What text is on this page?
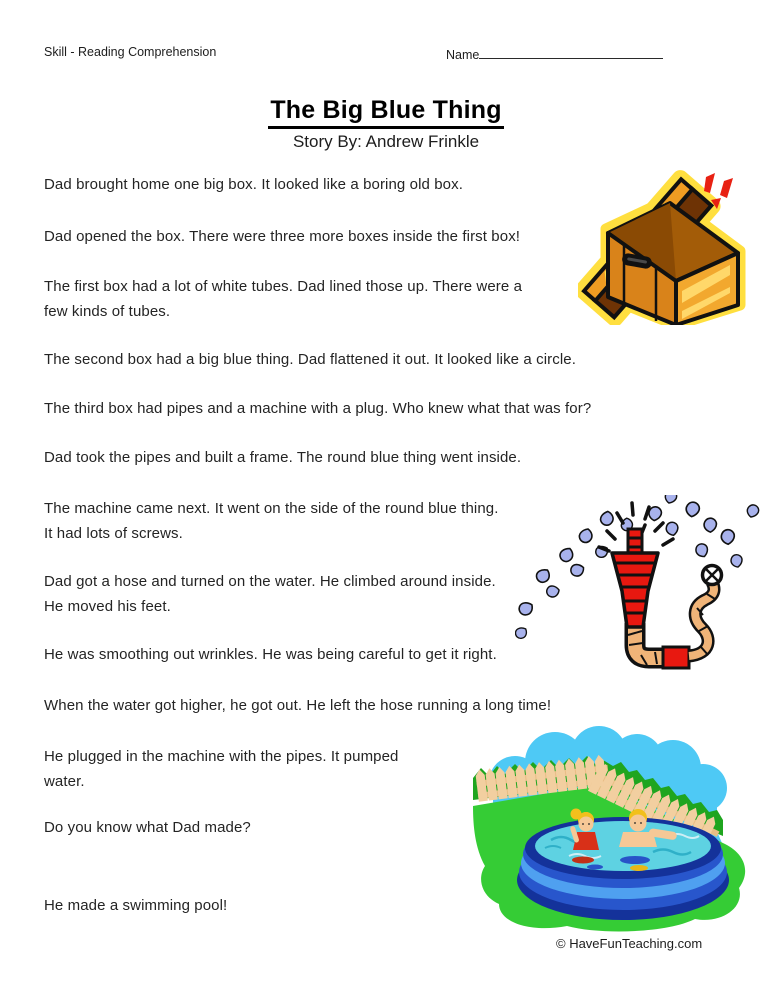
Skill - Reading Comprehension	Name
The Big Blue Thing
Story By: Andrew Frinkle
Dad brought home one big box. It looked like a boring old box.
Dad opened the box. There were three more boxes inside the first box!
The first box had a lot of white tubes. Dad lined those up. There were a
few kinds of tubes.
The second box had a big blue thing. Dad flattened it out. It looked like a circle.
The third box had pipes and a machine with a plug. Who knew what that was for?
Dad took the pipes and built a frame. The round blue thing went inside.
The machine came next. It went on the side of the round blue thing.
It had lots of screws.
Dad got a hose and turned on the water. He climbed around inside.
He moved his feet.
He was smoothing out wrinkles. He was being careful to get it right.
When the water got higher, he got out. He left the hose running a long time!
He plugged in the machine with the pipes. It pumped
water.
Do you know what Dad made?
He made a swimming pool!
© HaveFunTeaching.com
